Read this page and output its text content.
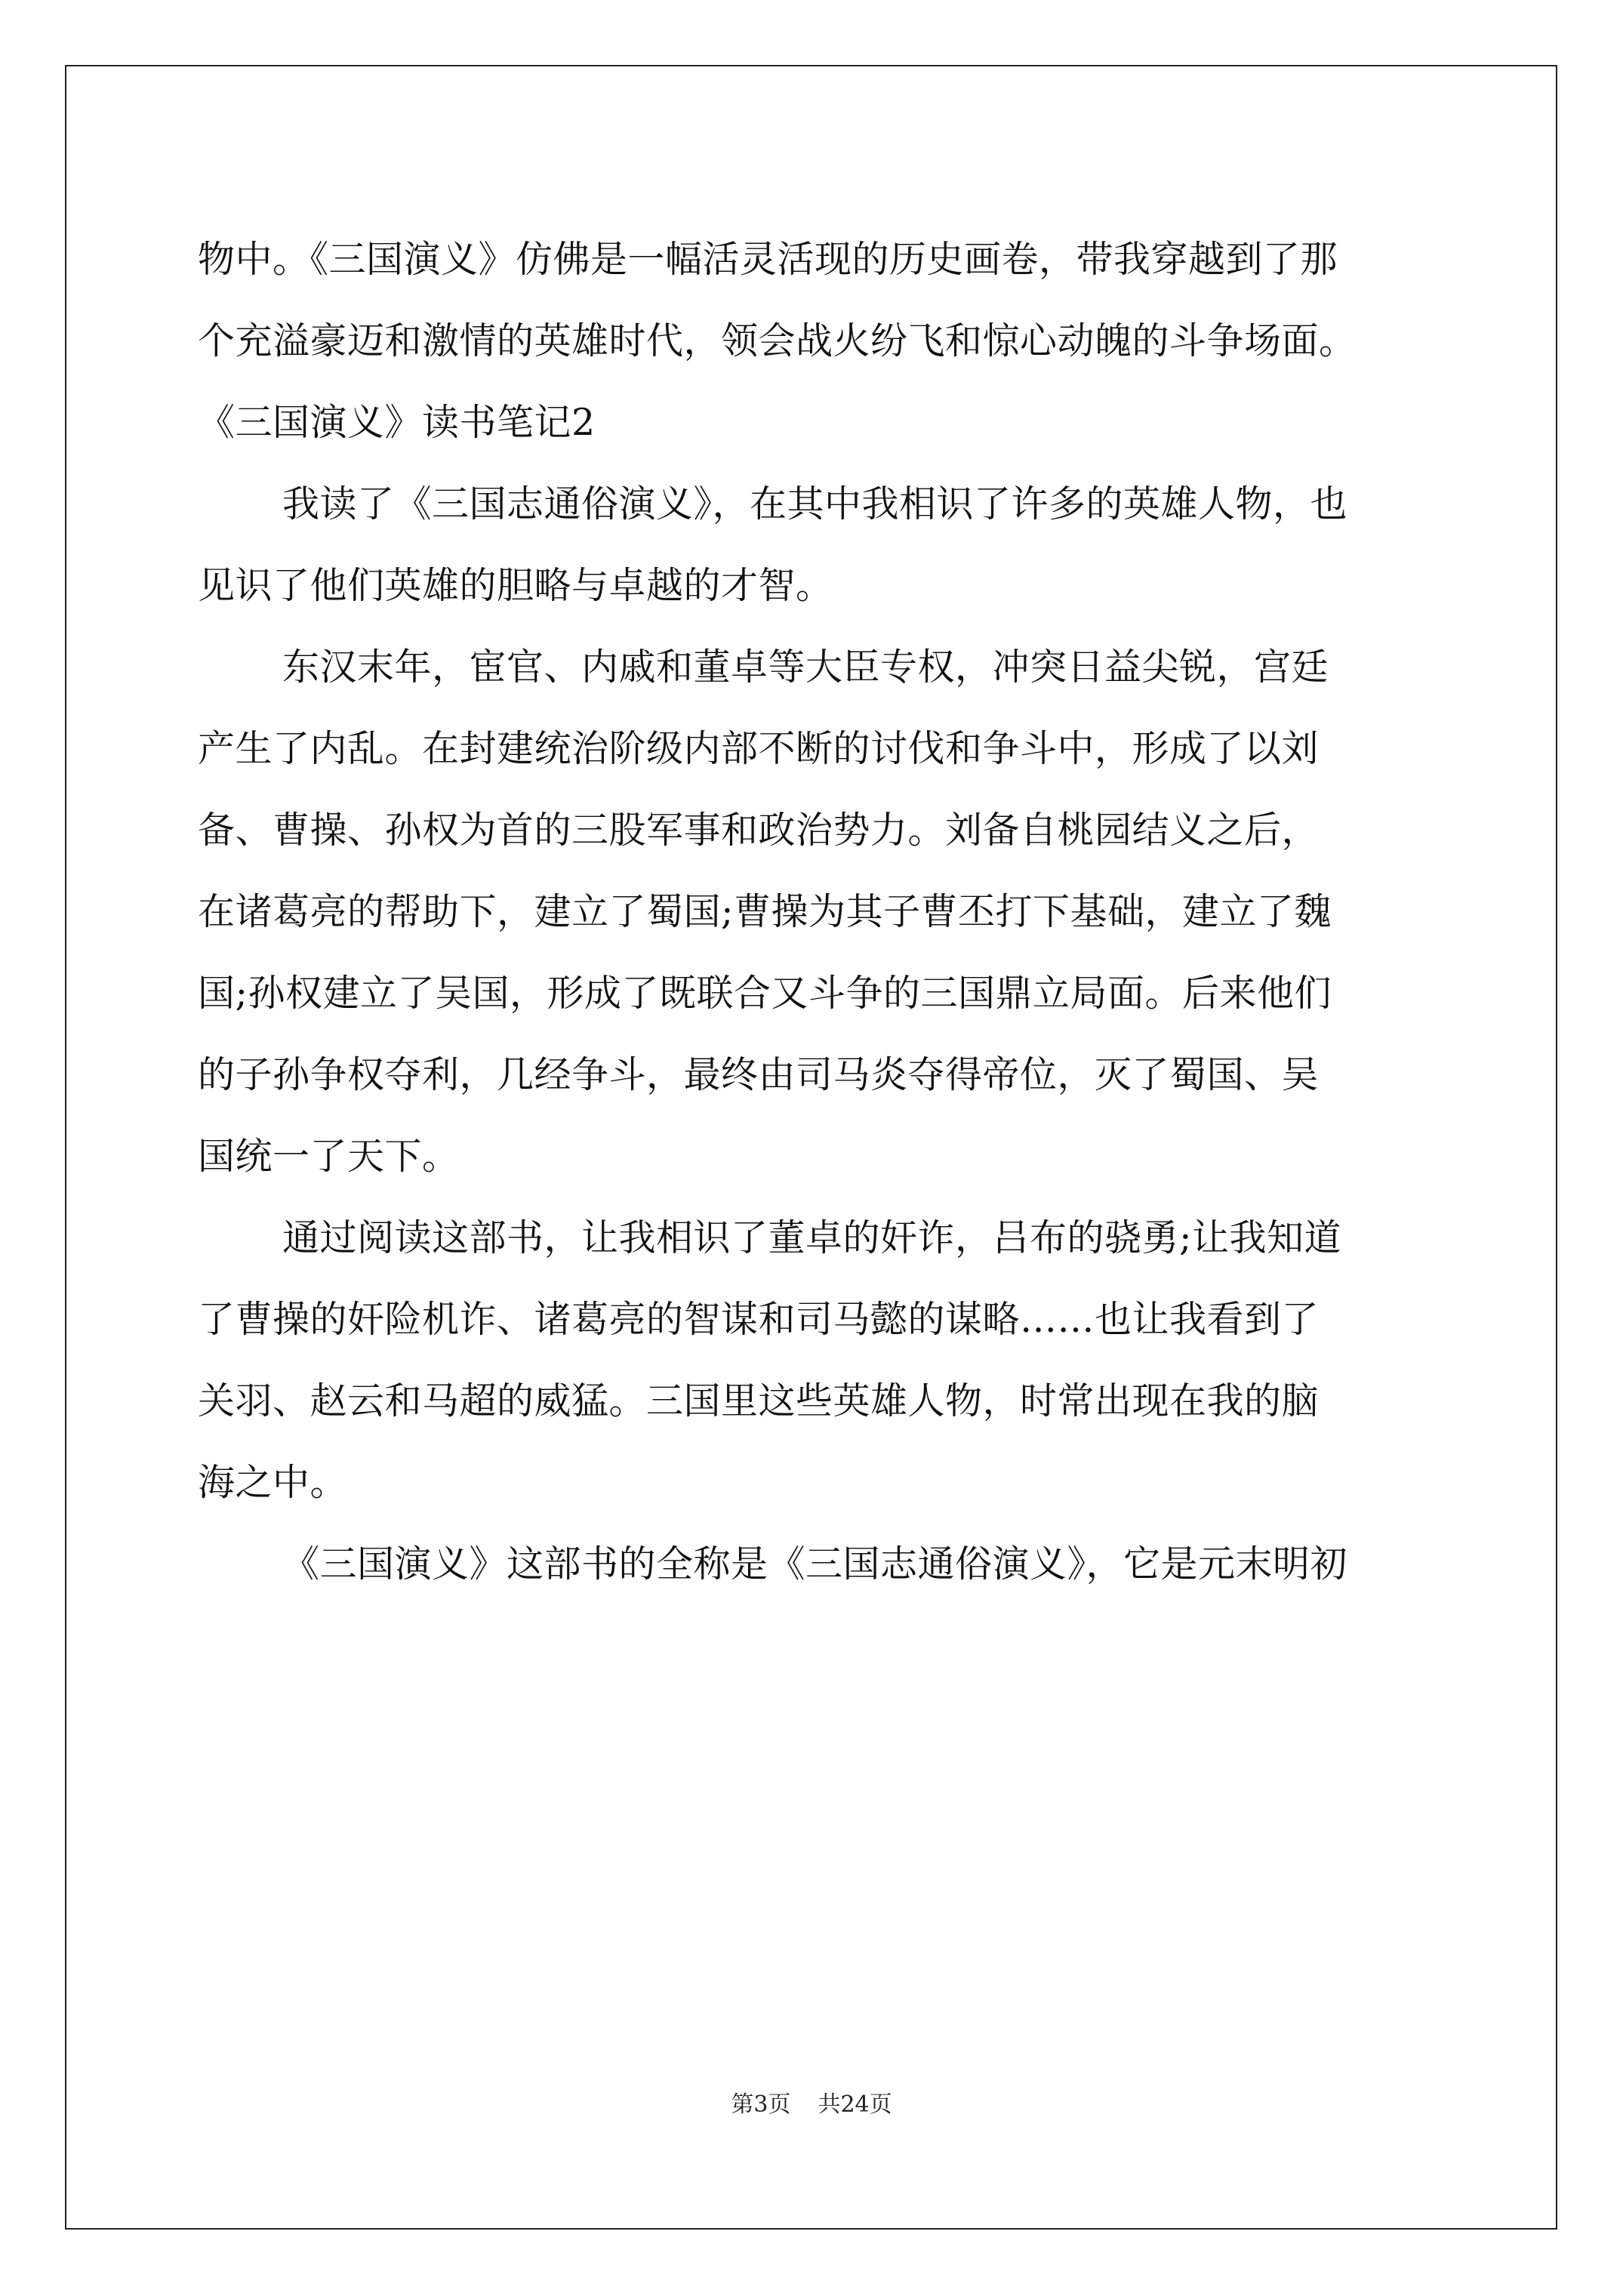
物中。《三国演义》仿佛是一幅活灵活现的历史画卷，带我穿越到了那
个充溢豪迈和激情的英雄时代，领会战火纷飞和惊心动魄的斗争场面。
《三国演义》读书笔记2
我读了《三国志通俗演义》，在其中我相识了许多的英雄人物，也
见识了他们英雄的胆略与卓越的才智。
东汉末年，宦官、内戚和董卓等大臣专权，冲突日益尖锐，宫廷
产生了内乱。在封建统治阶级内部不断的讨伐和争斗中，形成了以刘
备、曹操、孙权为首的三股军事和政治势力。刘备自桃园结义之后，
在诸葛亮的帮助下，建立了蜀国;曹操为其子曹丕打下基础，建立了魏
国;孙权建立了吴国，形成了既联合又斗争的三国鼎立局面。后来他们
的子孙争权夺利，几经争斗，最终由司马炎夺得帝位，灭了蜀国、吴
国统一了天下。
通过阅读这部书，让我相识了董卓的奸诈，吕布的骁勇;让我知道
了曹操的奸险机诈、诸葛亮的智谋和司马懿的谋略……也让我看到了
关羽、赵云和马超的威猛。三国里这些英雄人物，时常出现在我的脑
海之中。
《三国演义》这部书的全称是《三国志通俗演义》，它是元末明初
第3页 共24页
